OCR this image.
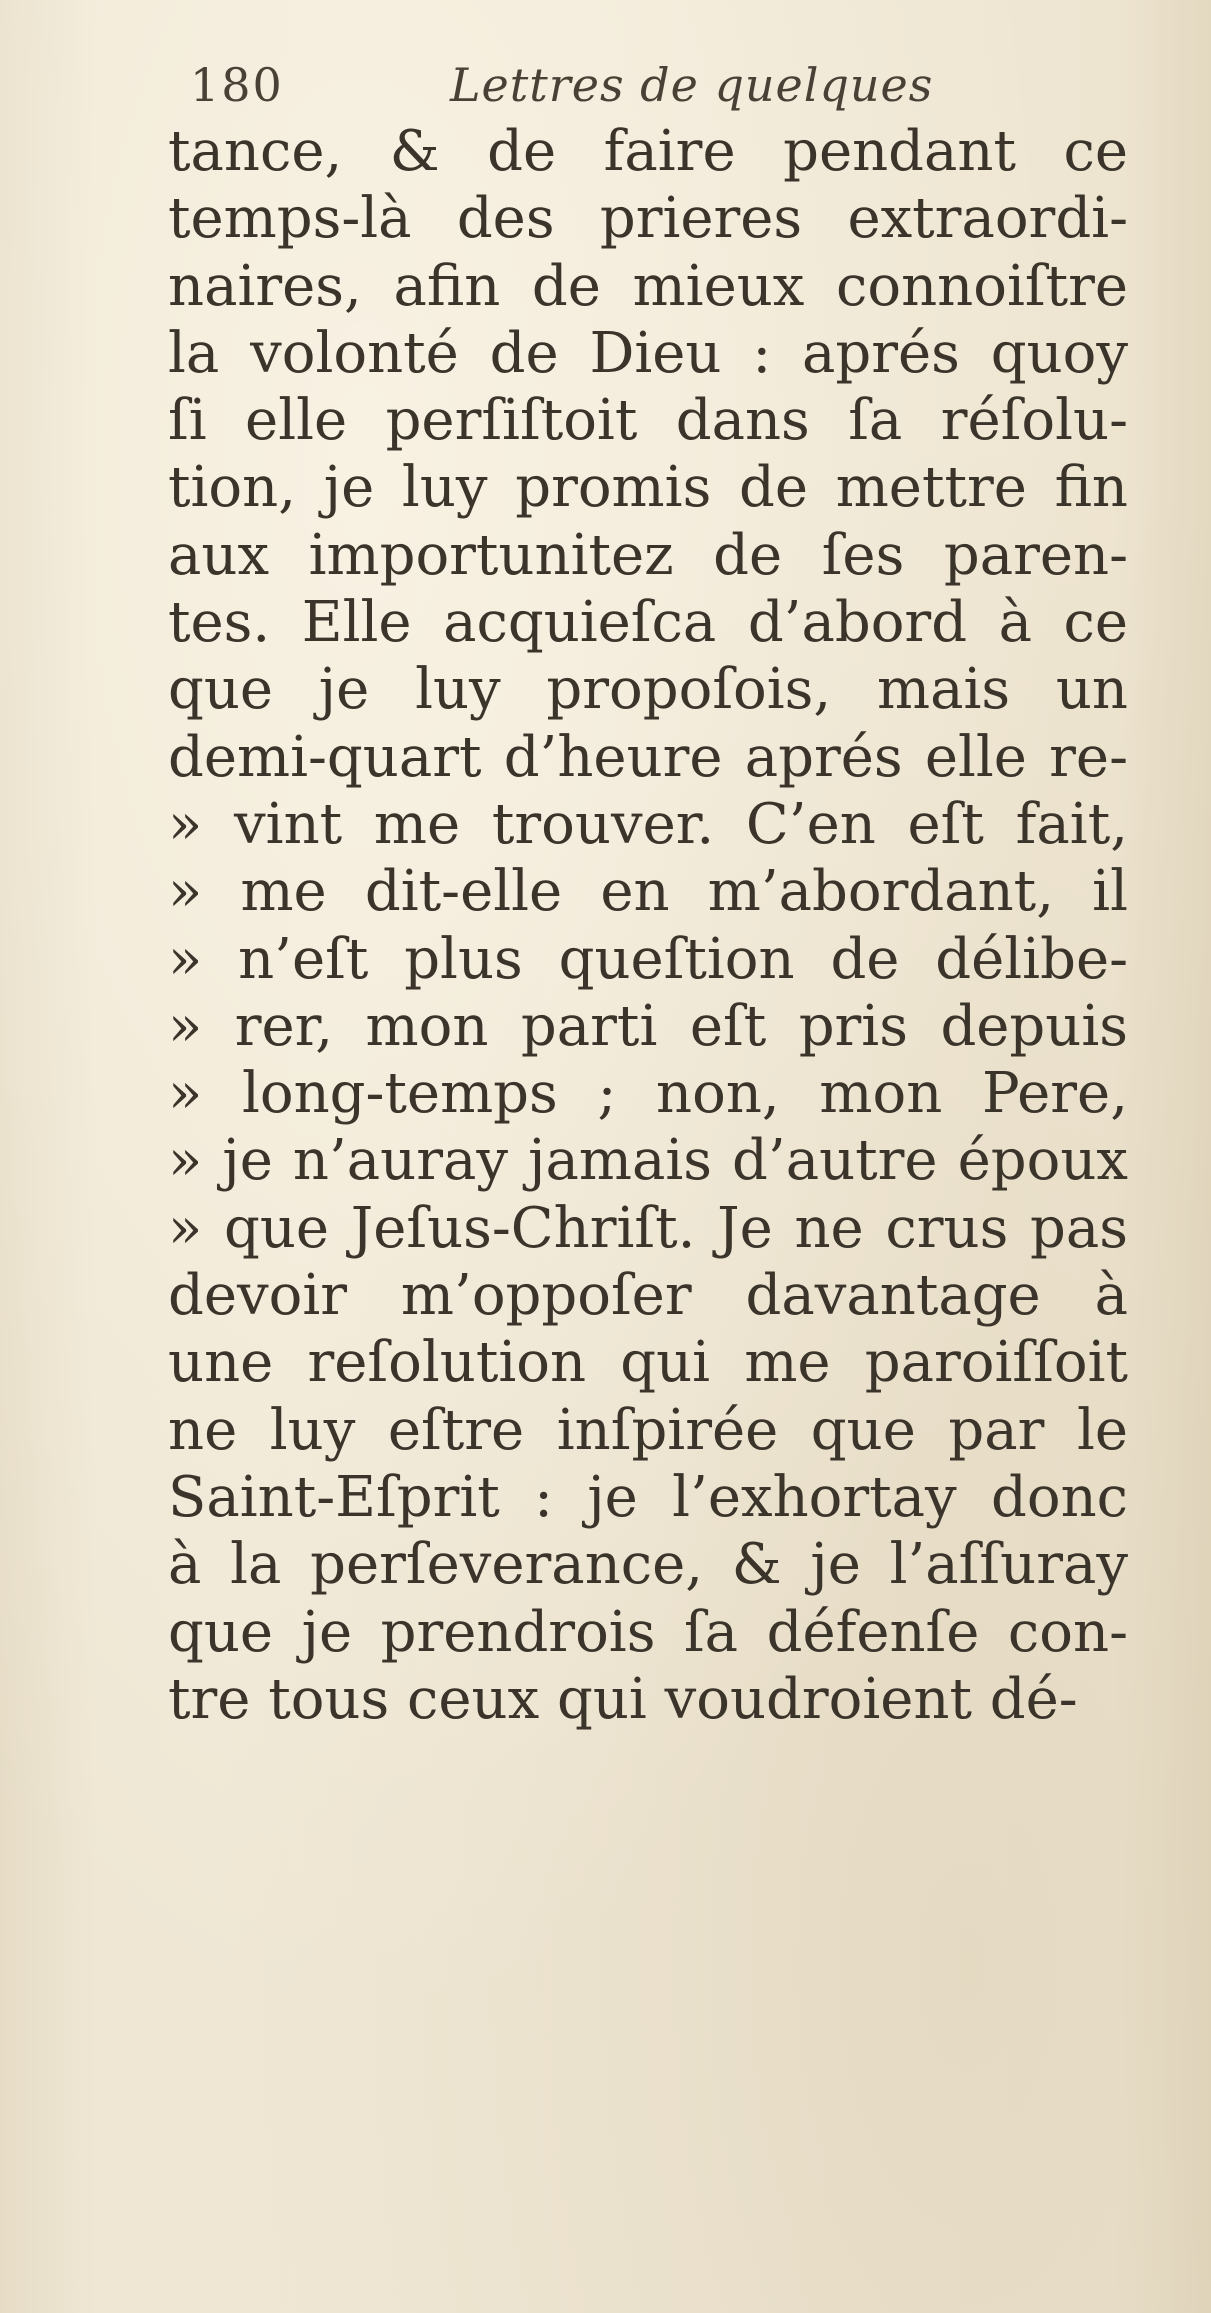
180	Lettres de quelques
tance, & de faire pendant ce
temps-là des prieres extraordi-
naires, afin de mieux connoiſtre
la volonté de Dieu : aprés quoy
ſi elle perſiſtoit dans ſa réſolu-
tion, je luy promis de mettre fin
aux importunitez de ſes paren-
tes. Elle acquieſca d’abord à ce
que je luy propoſois, mais un
demi-quart d’heure aprés elle re-
» vint me trouver. C’en eſt fait,
» me dit-elle en m’abordant, il
» n’eſt plus queſtion de délibe-
» rer, mon parti eſt pris depuis
» long-temps ; non, mon Pere,
» je n’auray jamais d’autre époux
» que Jeſus-Chriſt. Je ne crus pas
devoir m’oppoſer davantage à
une reſolution qui me paroiſſoit
ne luy eſtre inſpirée que par le
Saint-Eſprit : je l’exhortay donc
à la perſeverance, & je l’aſſuray
que je prendrois ſa défenſe con-
tre tous ceux qui voudroient dé-
